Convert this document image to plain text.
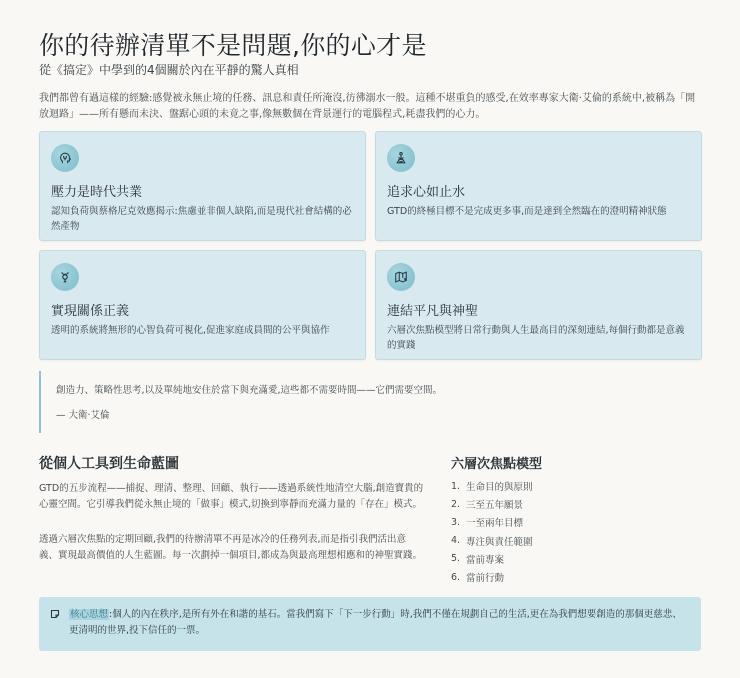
你的待辦清單不是問題,你的心才是
從《搞定》中學到的4個關於內在平靜的驚人真相

我們都曾有過這樣的經驗:感覺被永無止境的任務、訊息和責任所淹沒,彷彿溺水一般。這種不堪重負的感受,在效率專家大衛·艾倫的系統中,被稱為「開放迴路」——所有懸而未決、盤踞心頭的未竟之事,像無數個在背景運行的電腦程式,耗盡我們的心力。

壓力是時代共業
認知負荷與蔡格尼克效應揭示:焦慮並非個人缺陷,而是現代社會結構的必然產物
追求心如止水
GTD的終極目標不是完成更多事,而是達到全然臨在的澄明精神狀態
實現關係正義
透明的系統將無形的心智負荷可視化,促進家庭成員間的公平與協作
連結平凡與神聖
六層次焦點模型將日常行動與人生最高目的深刻連結,每個行動都是意義的實踐
創造力、策略性思考,以及單純地安住於當下與充滿愛,這些都不需要時間——它們需要空間。
— 大衛·艾倫
從個人工具到生命藍圖

GTD的五步流程——捕捉、理清、整理、回顧、執行——透過系統性地清空大腦,創造寶貴的心靈空間。它引導我們從永無止境的「做事」模式,切換到寧靜而充滿力量的「存在」模式。

透過六層次焦點的定期回顧,我們的待辦清單不再是冰冷的任務列表,而是指引我們活出意義、實現最高價值的人生藍圖。每一次劃掉一個項目,都成為與最高理想相應和的神聖實踐。

六層次焦點模型
1. 生命目的與原則
2. 三至五年願景
3. 一至兩年目標
4. 專注與責任範圍
5. 當前專案
6. 當前行動

核心思想:個人的內在秩序,是所有外在和諧的基石。當我們寫下「下一步行動」時,我們不僅在規劃自己的生活,更在為我們想要創造的那個更慈悲、更清明的世界,投下信任的一票。
